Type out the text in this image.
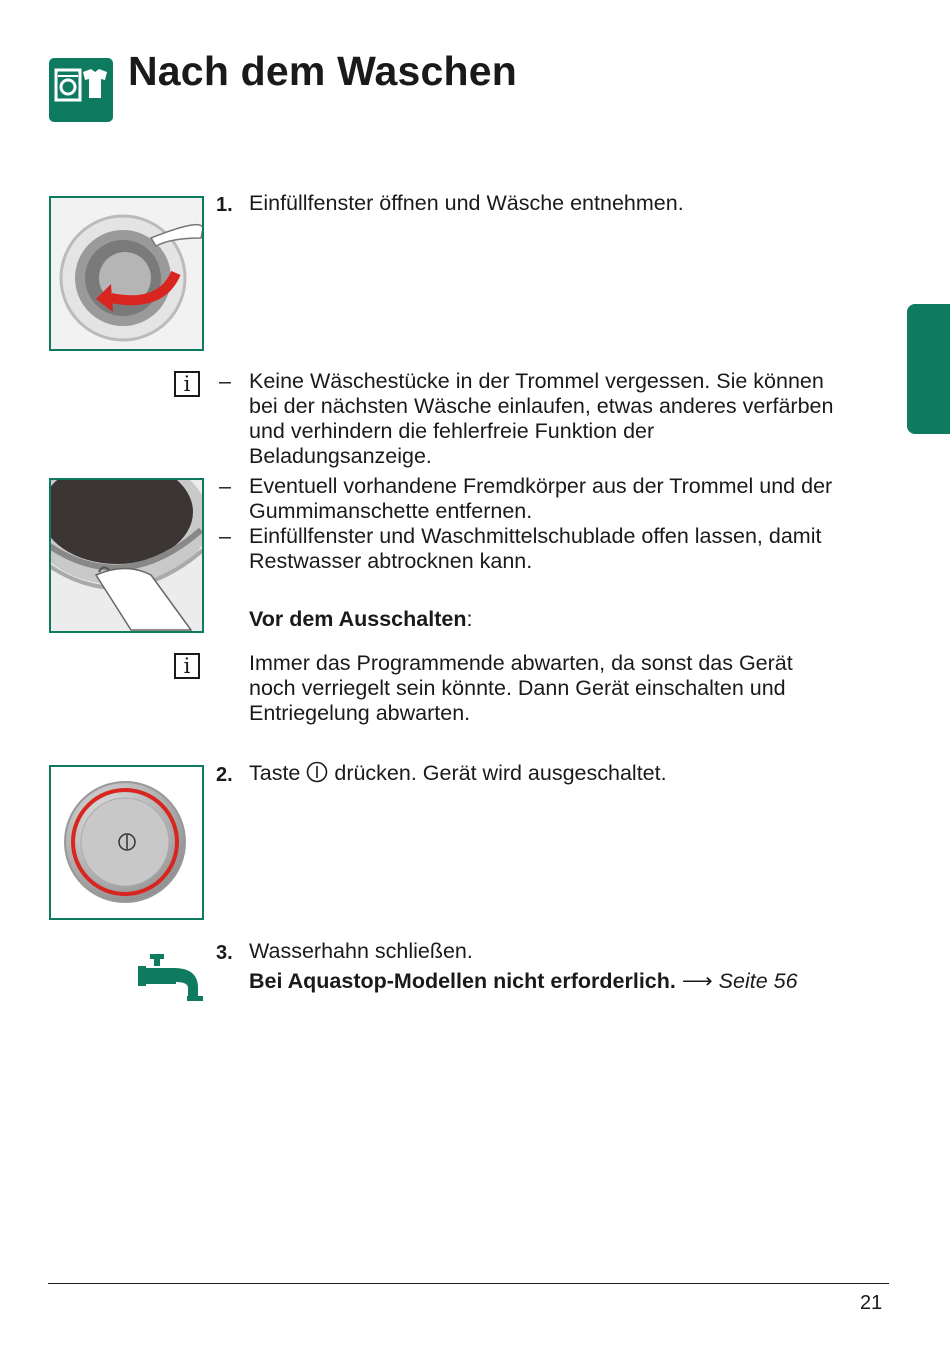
Nach dem Waschen
1. Einfüllfenster öffnen und Wäsche entnehmen.
i	– Keine Wäschestücke in der Trommel vergessen. Sie können
bei der nächsten Wäsche einlaufen, etwas anderes verfärben
und verhindern die fehlerfreie Funktion der
Beladungsanzeige.
– Eventuell vorhandene Fremdkörper aus der Trommel und der
Gummimanschette entfernen.
– Einfüllfenster und Waschmittelschublade offen lassen, damit
Restwasser abtrocknen kann.
Vor dem Ausschalten:
i	Immer das Programmende abwarten, da sonst das Gerät
noch verriegelt sein könnte. Dann Gerät einschalten und
Entriegelung abwarten.
2. Taste drücken. Gerät wird ausgeschaltet.
3. Wasserhahn schließen.
Bei Aquastop-Modellen nicht erforderlich. ⟶ Seite 56
21
